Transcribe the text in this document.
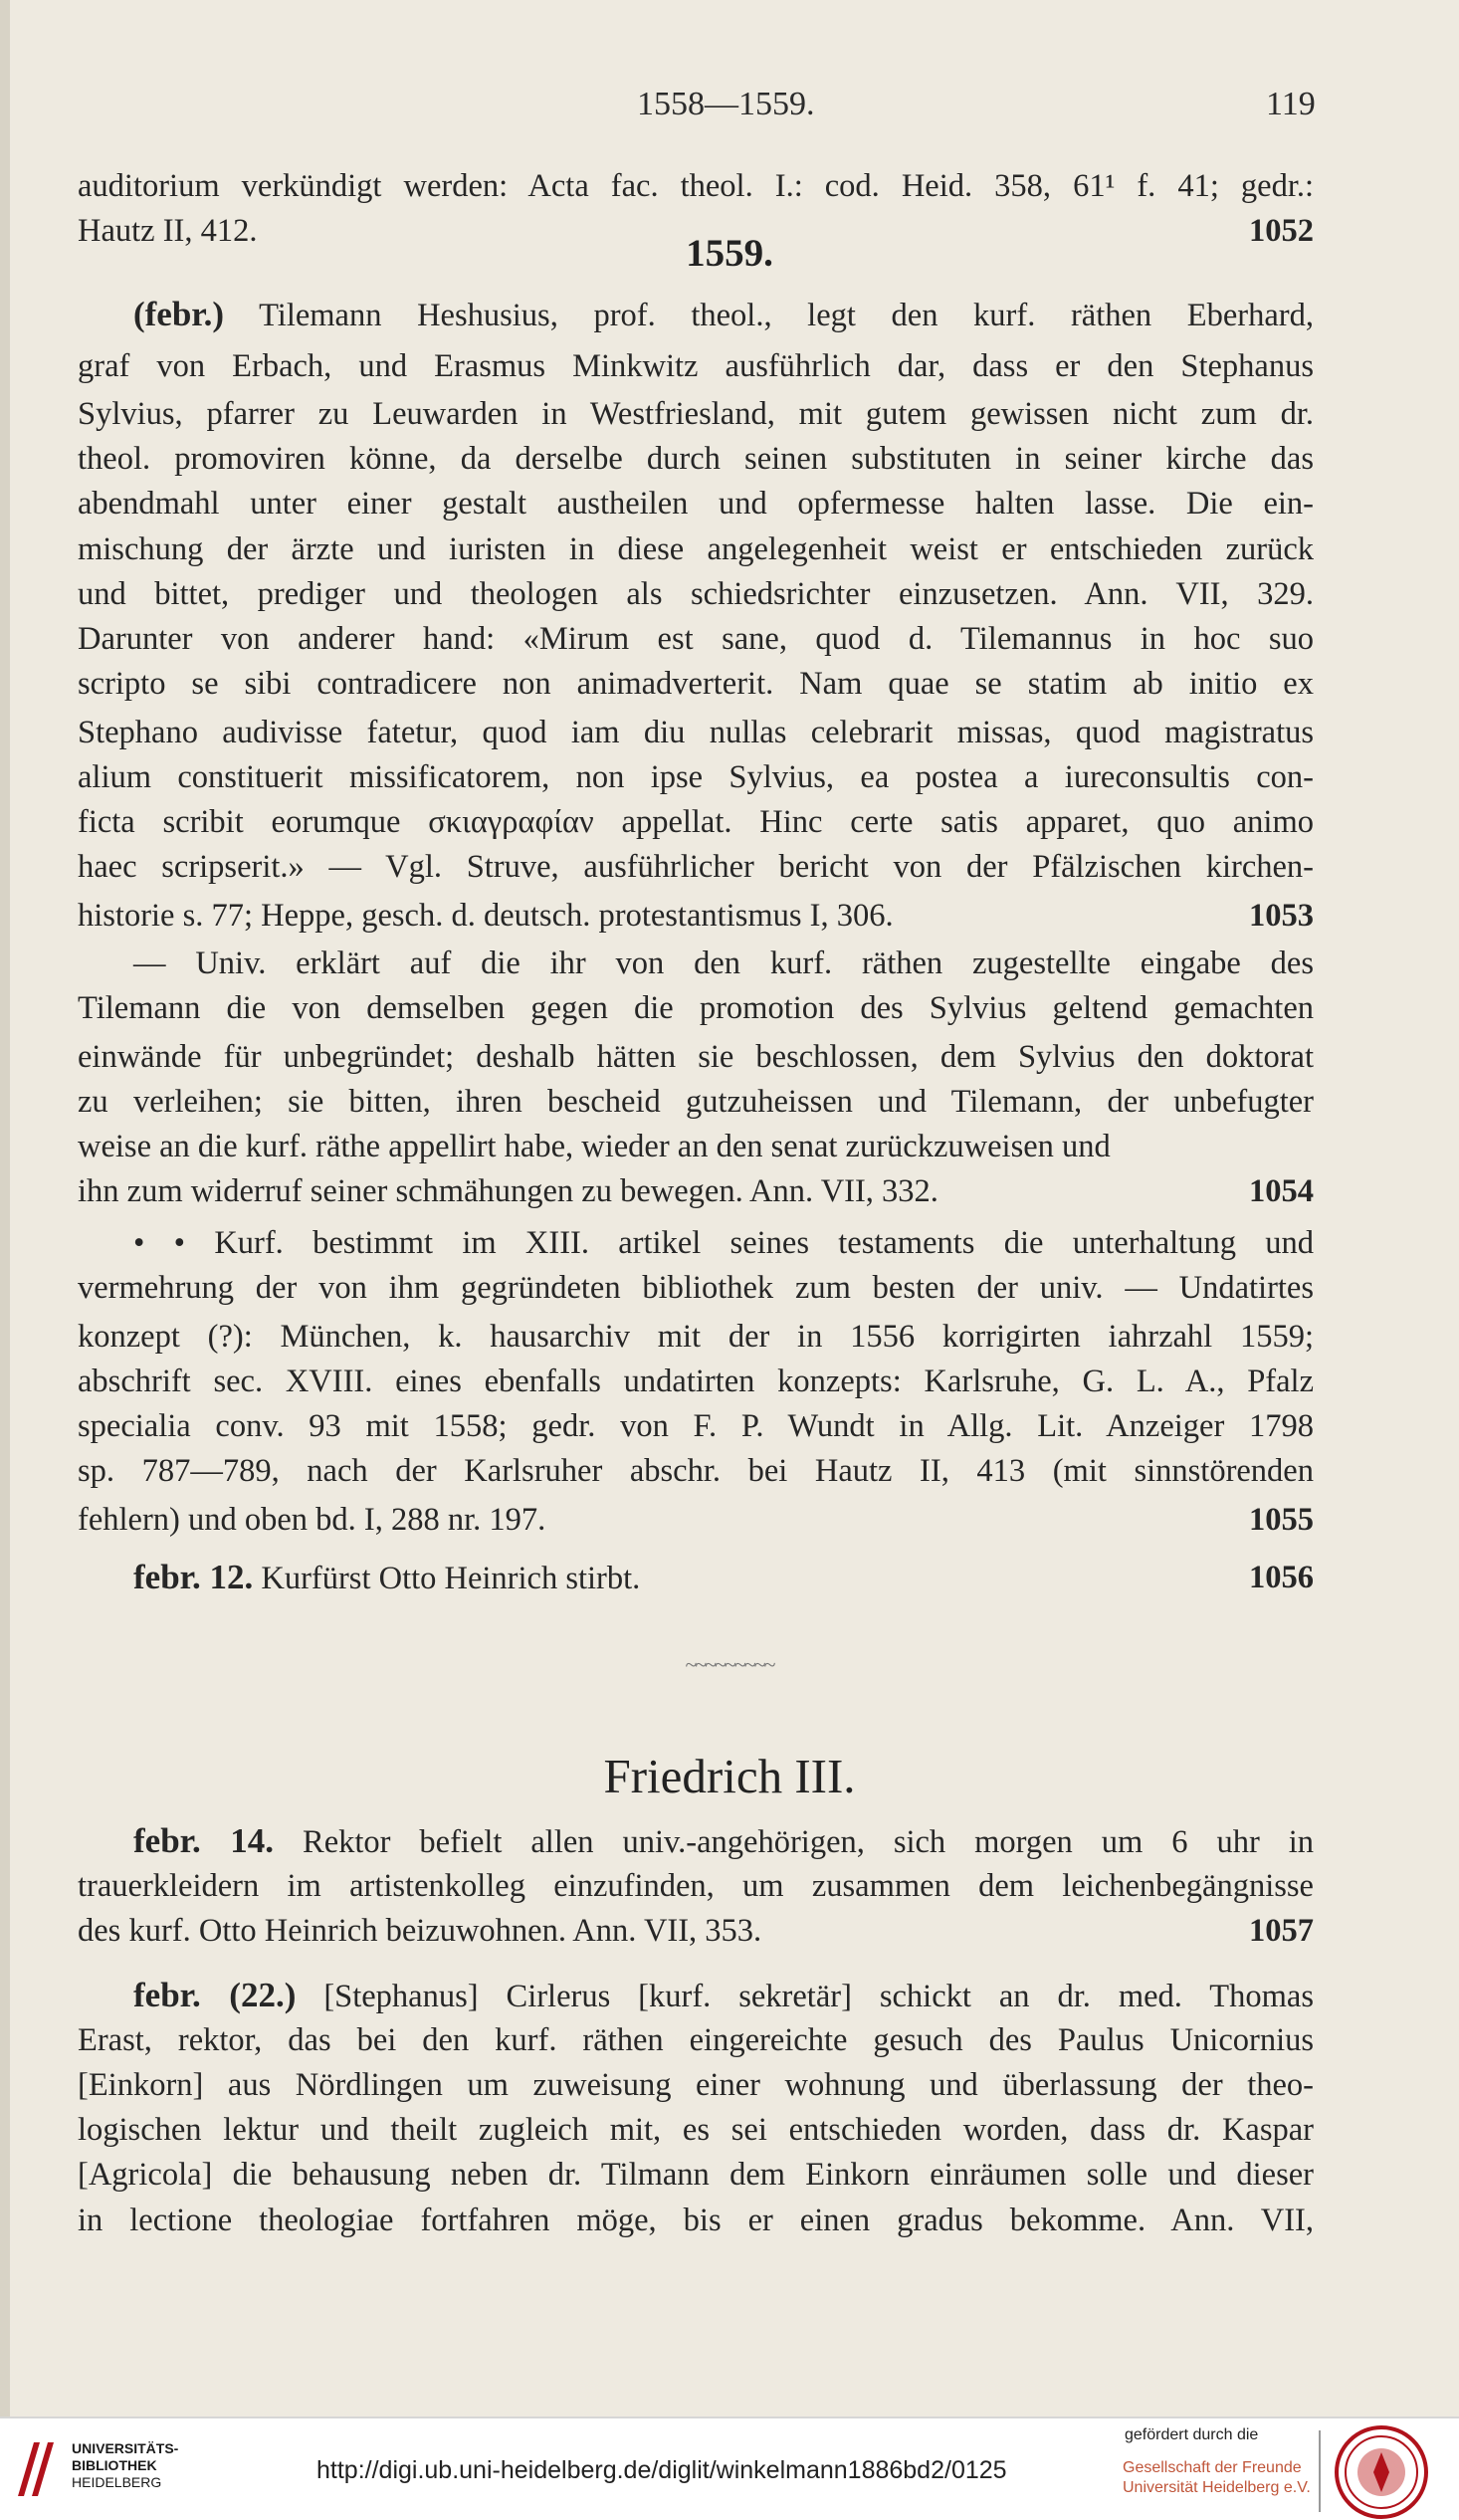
1558—1559.	119
1559.
~~~~~~~~~
Friedrich III.
auditorium verkündigt werden: Acta fac. theol. I.: cod. Heid. 358, 61¹ f. 41; gedr.:
Hautz II, 412.	1052
(febr.) Tilemann Heshusius, prof. theol., legt den kurf. räthen Eberhard,
graf von Erbach, und Erasmus Minkwitz ausführlich dar, dass er den Stephanus
Sylvius, pfarrer zu Leuwarden in Westfriesland, mit gutem gewissen nicht zum dr.
theol. promoviren könne, da derselbe durch seinen substituten in seiner kirche das
abendmahl unter einer gestalt austheilen und opfermesse halten lasse. Die ein-
mischung der ärzte und iuristen in diese angelegenheit weist er entschieden zurück
und bittet, prediger und theologen als schiedsrichter einzusetzen. Ann. VII, 329.
Darunter von anderer hand: «Mirum est sane, quod d. Tilemannus in hoc suo
scripto se sibi contradicere non animadverterit. Nam quae se statim ab initio ex
Stephano audivisse fatetur, quod iam diu nullas celebrarit missas, quod magistratus
alium constituerit missificatorem, non ipse Sylvius, ea postea a iureconsultis con-
ficta scribit eorumque σκιαγραφίαν appellat. Hinc certe satis apparet, quo animo
haec scripserit.» — Vgl. Struve, ausführlicher bericht von der Pfälzischen kirchen-
historie s. 77; Heppe, gesch. d. deutsch. protestantismus I, 306.	1053
— Univ. erklärt auf die ihr von den kurf. räthen zugestellte eingabe des
Tilemann die von demselben gegen die promotion des Sylvius geltend gemachten
einwände für unbegründet; deshalb hätten sie beschlossen, dem Sylvius den doktorat
zu verleihen; sie bitten, ihren bescheid gutzuheissen und Tilemann, der unbefugter
weise an die kurf. räthe appellirt habe, wieder an den senat zurückzuweisen und
ihn zum widerruf seiner schmähungen zu bewegen. Ann. VII, 332.	1054
• • Kurf. bestimmt im XIII. artikel seines testaments die unterhaltung und
vermehrung der von ihm gegründeten bibliothek zum besten der univ. — Undatirtes
konzept (?): München, k. hausarchiv mit der in 1556 korrigirten iahrzahl 1559;
abschrift sec. XVIII. eines ebenfalls undatirten konzepts: Karlsruhe, G. L. A., Pfalz
specialia conv. 93 mit 1558; gedr. von F. P. Wundt in Allg. Lit. Anzeiger 1798
sp. 787—789, nach der Karlsruher abschr. bei Hautz II, 413 (mit sinnstörenden
fehlern) und oben bd. I, 288 nr. 197.	1055
febr. 12. Kurfürst Otto Heinrich stirbt.	1056
febr. 14. Rektor befielt allen univ.-angehörigen, sich morgen um 6 uhr in
trauerkleidern im artistenkolleg einzufinden, um zusammen dem leichenbegängnisse
des kurf. Otto Heinrich beizuwohnen. Ann. VII, 353.	1057
febr. (22.) [Stephanus] Cirlerus [kurf. sekretär] schickt an dr. med. Thomas
Erast, rektor, das bei den kurf. räthen eingereichte gesuch des Paulus Unicornius
[Einkorn] aus Nördlingen um zuweisung einer wohnung und überlassung der theo-
logischen lektur und theilt zugleich mit, es sei entschieden worden, dass dr. Kaspar
[Agricola] die behausung neben dr. Tilmann dem Einkorn einräumen solle und dieser
in lectione theologiae fortfahren möge, bis er einen gradus bekomme. Ann. VII,
UNIVERSITÄTS-
BIBLIOTHEK
HEIDELBERG	http://digi.ub.uni-heidelberg.de/diglit/winkelmann1886bd2/0125
gefördert durch die
Gesellschaft der Freunde
Universität Heidelberg e.V.
